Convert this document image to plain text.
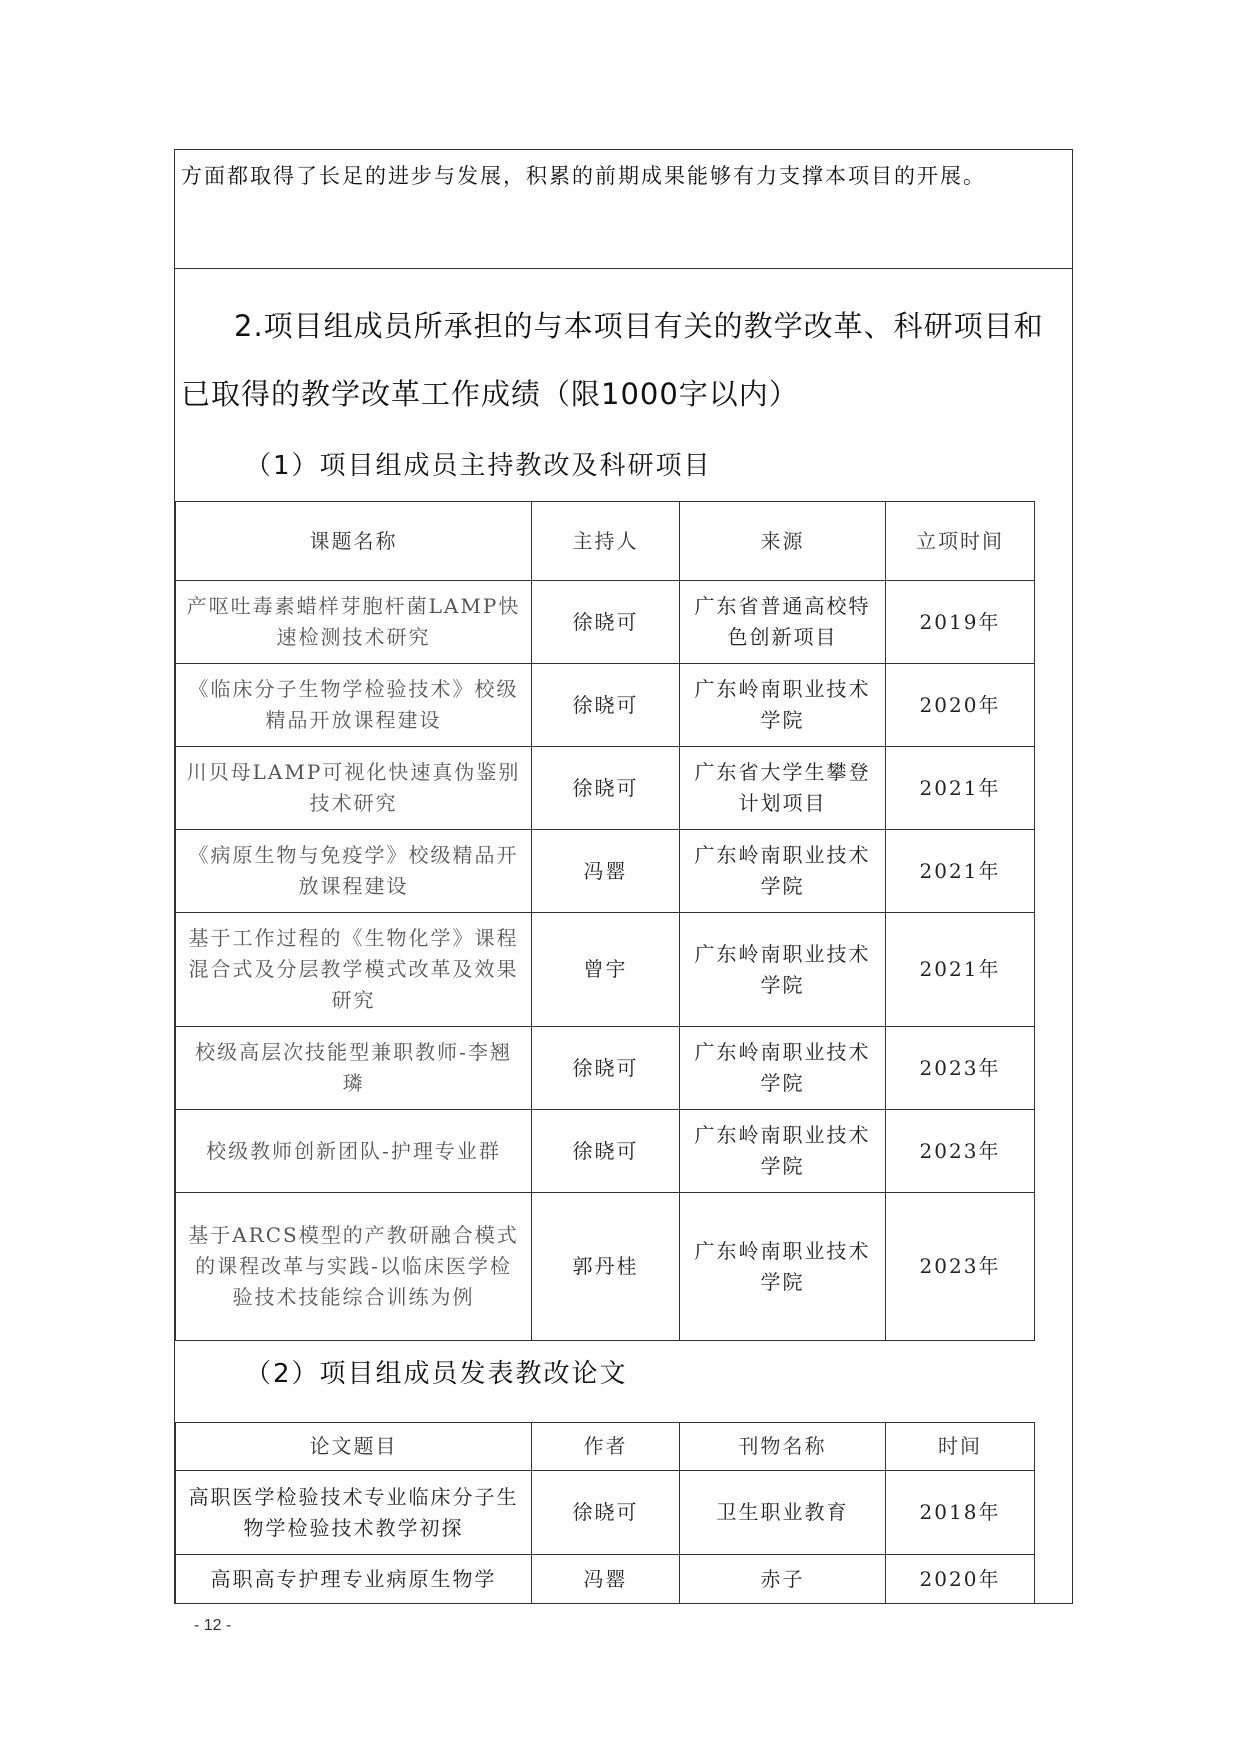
方面都取得了长足的进步与发展，积累的前期成果能够有力支撑本项目的开展。
2.项目组成员所承担的与本项目有关的教学改革、科研项目和
已取得的教学改革工作成绩（限1000字以内）
（1）项目组成员主持教改及科研项目
课题名称	主持人	来源	立项时间
产呕吐毒素蜡样芽胞杆菌LAMP快速检测技术研究	徐晓可	广东省普通高校特色创新项目	2019年
《临床分子生物学检验技术》校级精品开放课程建设	徐晓可	广东岭南职业技术学院	2020年
川贝母LAMP可视化快速真伪鉴别技术研究	徐晓可	广东省大学生攀登计划项目	2021年
《病原生物与免疫学》校级精品开放课程建设	冯罂	广东岭南职业技术学院	2021年
基于工作过程的《生物化学》课程混合式及分层教学模式改革及效果研究	曾宇	广东岭南职业技术学院	2021年
校级高层次技能型兼职教师-李翘璘	徐晓可	广东岭南职业技术学院	2023年
校级教师创新团队-护理专业群	徐晓可	广东岭南职业技术学院	2023年
基于ARCS模型的产教研融合模式的课程改革与实践-以临床医学检验技术技能综合训练为例	郭丹桂	广东岭南职业技术学院	2023年
（2）项目组成员发表教改论文
论文题目	作者	刊物名称	时间
高职医学检验技术专业临床分子生物学检验技术教学初探	徐晓可	卫生职业教育	2018年
高职高专护理专业病原生物学	冯罂	赤子	2020年
- 12 -
